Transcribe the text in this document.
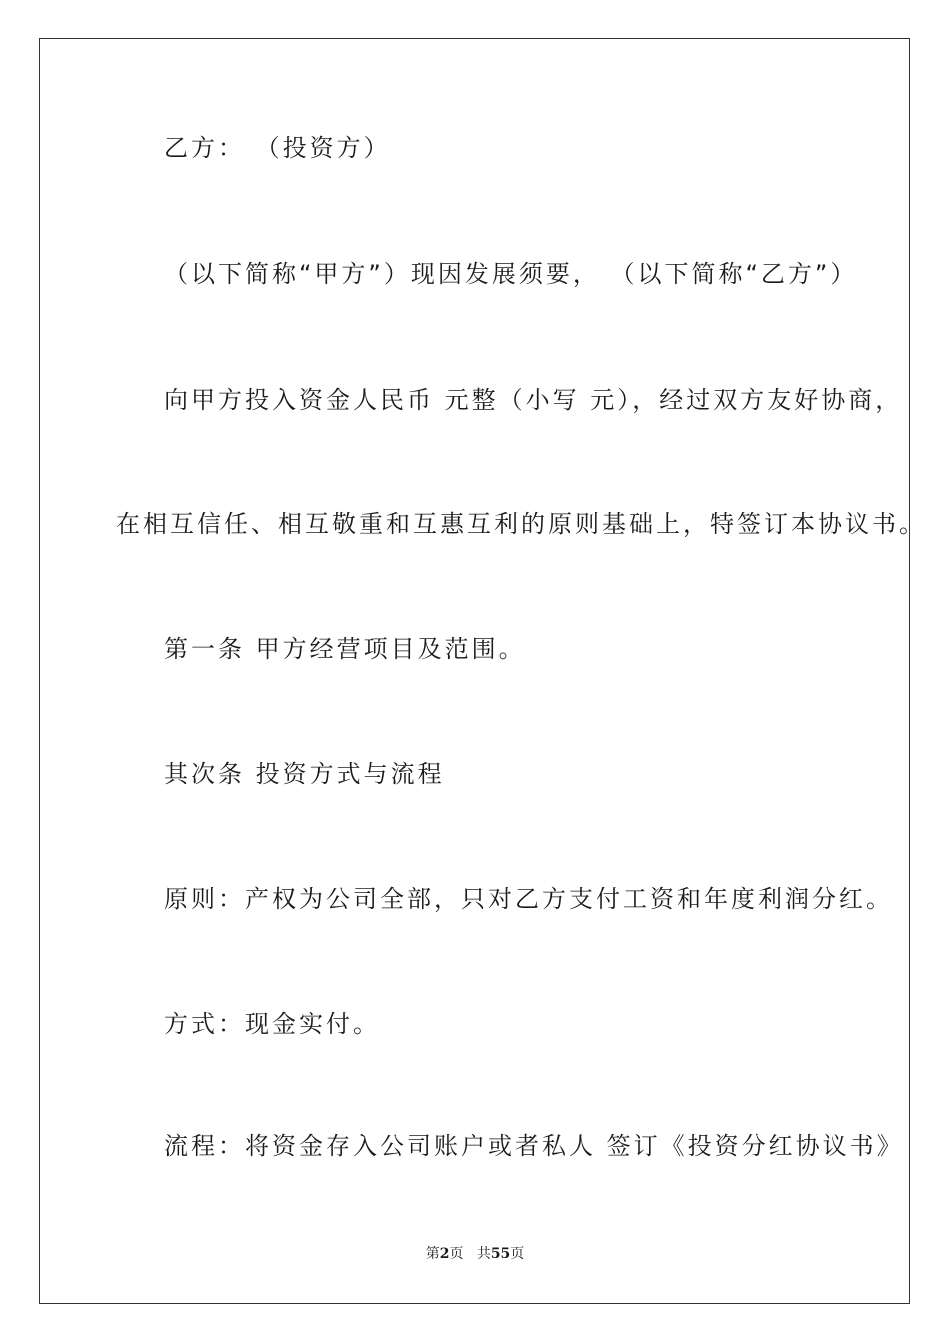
乙方： （投资方）
（以下简称“甲方”）现因发展须要， （以下简称“乙方”）
向甲方投入资金人民币 元整（小写 元），经过双方友好协商，
在相互信任、相互敬重和互惠互利的原则基础上，特签订本协议书。
第一条 甲方经营项目及范围。
其次条 投资方式与流程
原则：产权为公司全部，只对乙方支付工资和年度利润分红。
方式：现金实付。
流程：将资金存入公司账户或者私人 签订《投资分红协议书》
第2页 共55页
